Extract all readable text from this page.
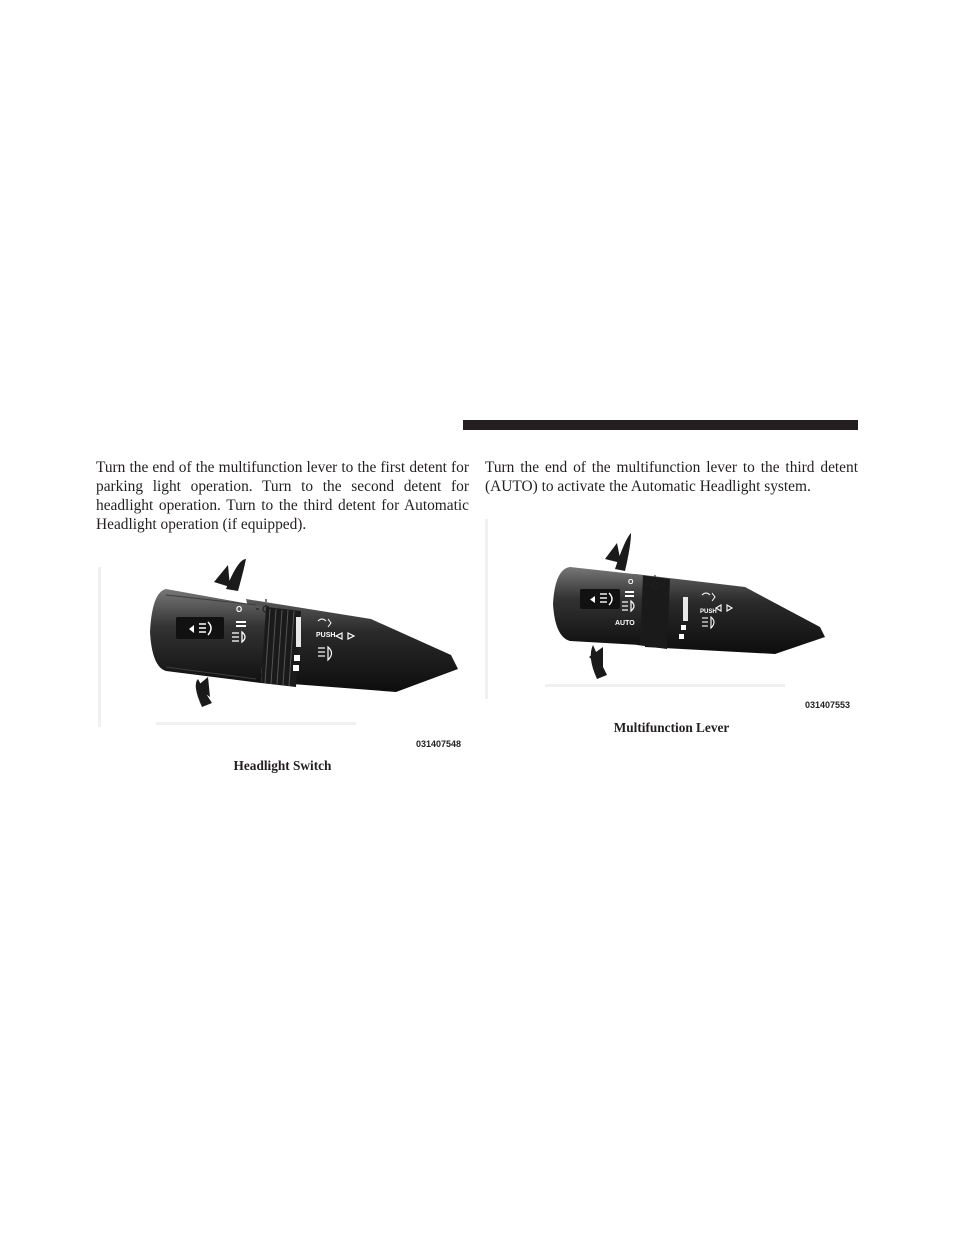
Turn the end of the multifunction lever to the first detent for parking light operation. Turn to the second detent for headlight operation. Turn to the third detent for Automatic Headlight operation (if equipped).

O
PUSH
031407548
Headlight Switch

Turn the end of the multifunction lever to the third detent (AUTO) to activate the Automatic Headlight system.

O
AUTO
PUSH
031407553
Multifunction Lever
